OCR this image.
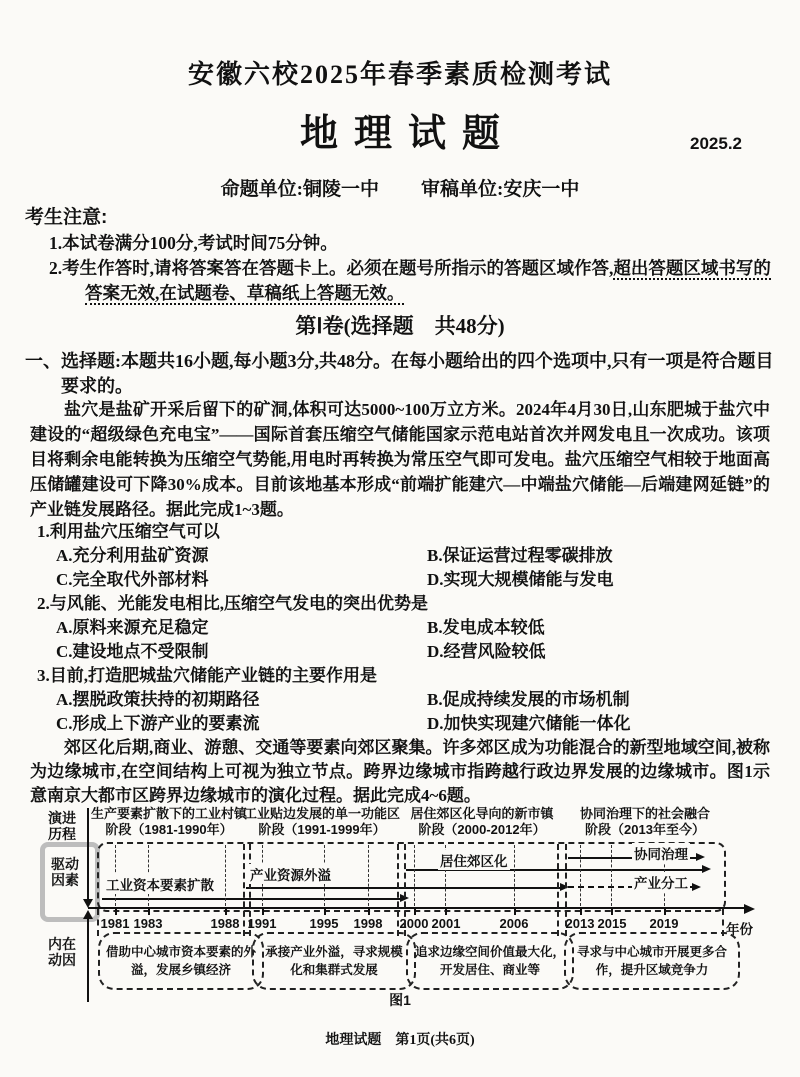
安徽六校2025年春季素质检测考试
地理试题	2025.2
命题单位:铜陵一中 审稿单位:安庆一中
考生注意:
1.本试卷满分100分,考试时间75分钟。
2.考生作答时,请将答案答在答题卡上。必须在题号所指示的答题区域作答,超出答题区域书写的答案无效,在试题卷、草稿纸上答题无效。
第Ⅰ卷(选择题　共48分)
一、选择题:本题共16小题,每小题3分,共48分。在每小题给出的四个选项中,只有一项是符合题目要求的。
盐穴是盐矿开采后留下的矿洞,体积可达5000~100万立方米。2024年4月30日,山东肥城于盐穴中建设的“超级绿色充电宝”——国际首套压缩空气储能国家示范电站首次并网发电且一次成功。该项目将剩余电能转换为压缩空气势能,用电时再转换为常压空气即可发电。盐穴压缩空气相较于地面高压储罐建设可下降30%成本。目前该地基本形成“前端扩能建穴—中端盐穴储能—后端建网延链”的产业链发展路径。据此完成1~3题。
1.利用盐穴压缩空气可以
A.充分利用盐矿资源	B.保证运营过程零碳排放
C.完全取代外部材料	D.实现大规模储能与发电
2.与风能、光能发电相比,压缩空气发电的突出优势是
A.原料来源充足稳定	B.发电成本较低
C.建设地点不受限制	D.经营风险较低
3.目前,打造肥城盐穴储能产业链的主要作用是
A.摆脱政策扶持的初期路径	B.促成持续发展的市场机制
C.形成上下游产业的要素流	D.加快实现建穴储能一体化
郊区化后期,商业、游憩、交通等要素向郊区聚集。许多郊区成为功能混合的新型地域空间,被称为边缘城市,在空间结构上可视为独立节点。跨界边缘城市指跨越行政边界发展的边缘城市。图1示意南京大都市区跨界边缘城市的演化过程。据此完成4~6题。
演进历程
驱动因素
内在动因
生产要素扩散下的工业村镇
阶段（1981-1990年）
工业贴边发展的单一功能区
阶段（1991-1999年）
居住郊区化导向的新市镇
阶段（2000-2012年）
协同治理下的社会融合
阶段（2013年至今）
工业资本要素扩散
产业资源外溢
居住郊区化	协同治理
产业分工
年份
1981 1983	1988 1991	1995 1998 2000 2001	2006	2013 2015 2019
借助中心城市资本要素的外溢，发展乡镇经济
承接产业外溢，寻求规模化和集群式发展
追求边缘空间价值最大化，开发居住、商业等
寻求与中心城市开展更多合作，提升区域竞争力
图1
地理试题　第1页(共6页)
